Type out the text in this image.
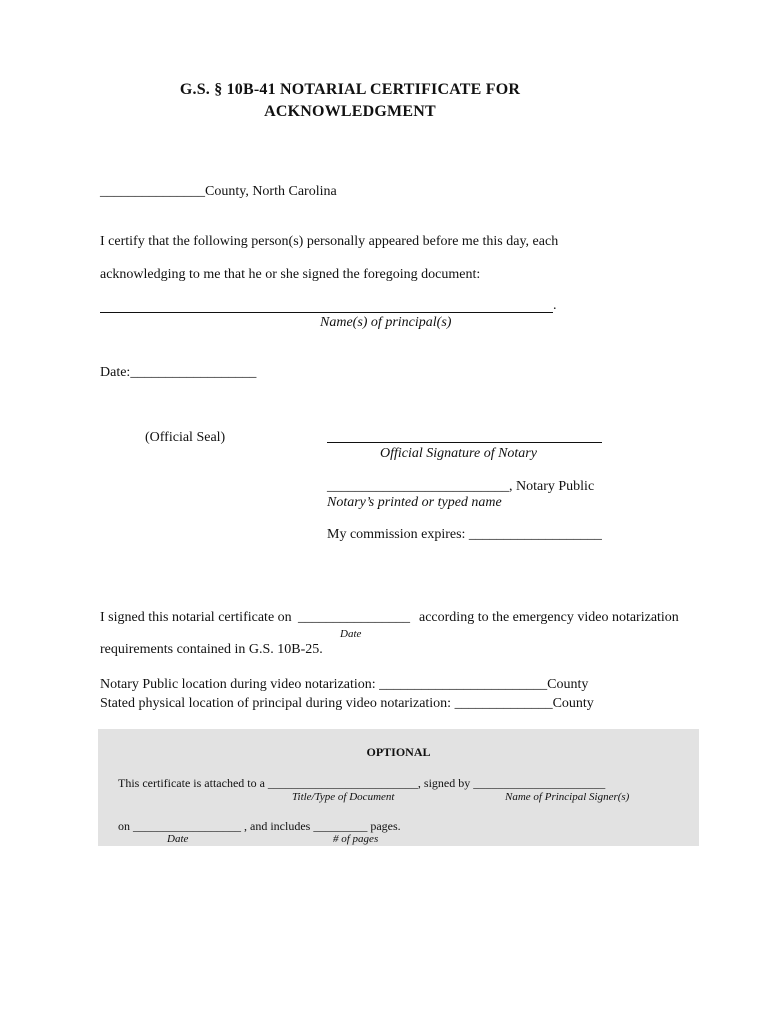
G.S. § 10B-41 NOTARIAL CERTIFICATE FOR
ACKNOWLEDGMENT
_______________County, North Carolina
I certify that the following person(s) personally appeared before me this day, each
acknowledging to me that he or she signed the foregoing document:
.
Name(s) of principal(s)
Date:__________________
(Official Seal)
Official Signature of Notary
__________________________, Notary Public
Notary’s printed or typed name
My commission expires: ___________________
I signed this notarial certificate on ________________ according to the emergency video notarization
Date
requirements contained in G.S. 10B-25.
Notary Public location during video notarization: ________________________County
Stated physical location of principal during video notarization: ______________County
OPTIONAL
This certificate is attached to a _________________________, signed by ______________________
Title/Type of Document	Name of Principal Signer(s)
on __________________ , and includes _________ pages.
Date	# of pages
